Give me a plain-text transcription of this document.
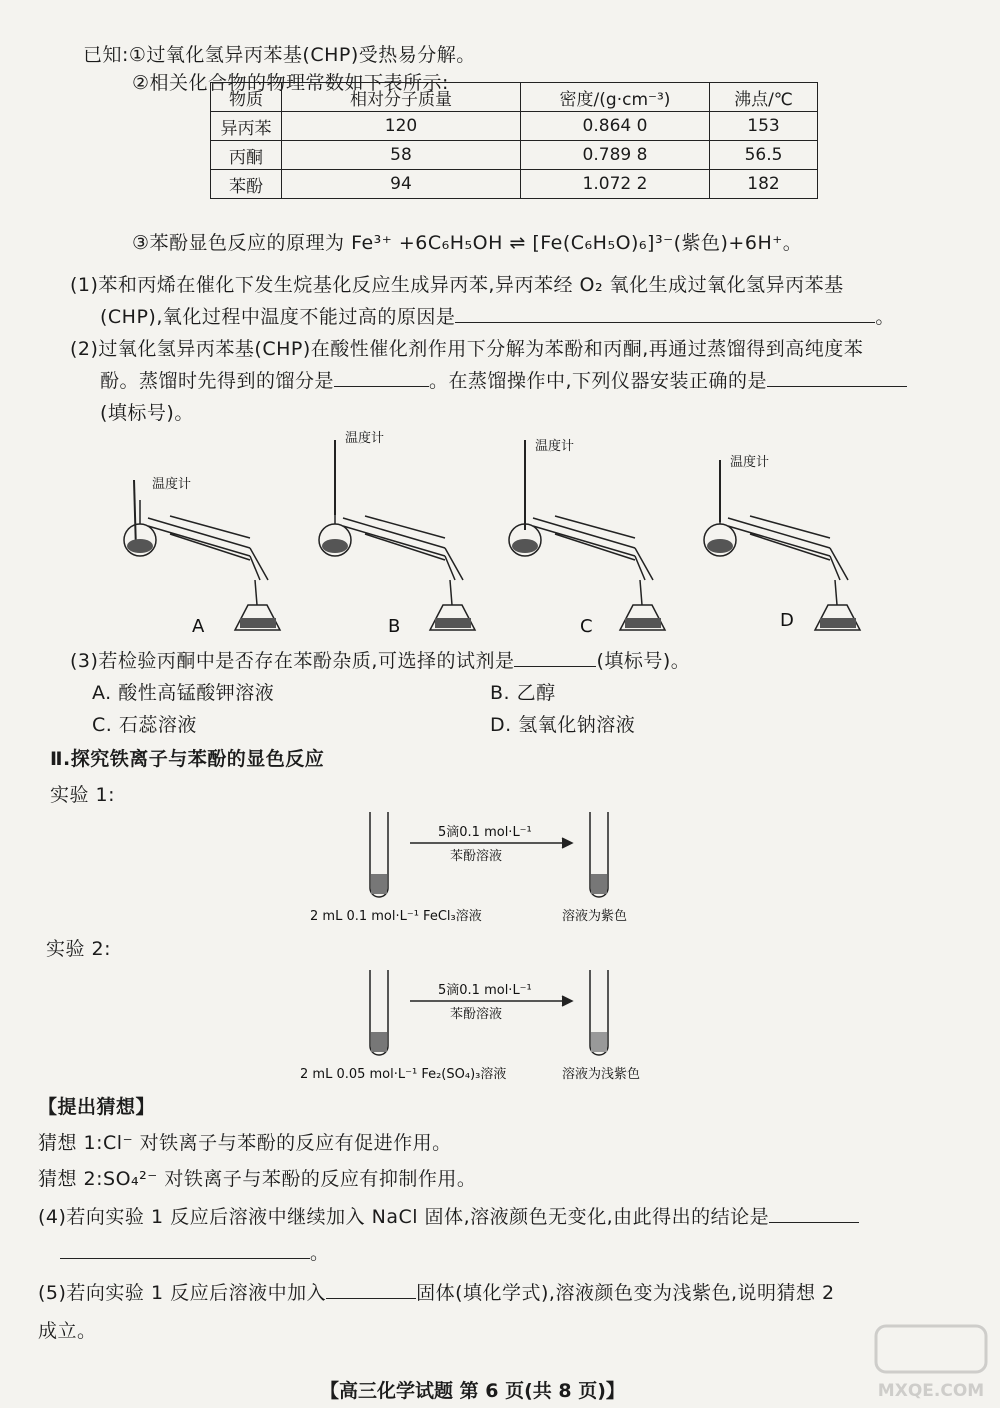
已知:①过氧化氢异丙苯基(CHP)受热易分解。
②相关化合物的物理常数如下表所示:
物质	相对分子质量	密度/(g·cm⁻³)	沸点/℃
异丙苯	120	0.864 0	153
丙酮	58	0.789 8	56.5
苯酚	94	1.072 2	182
③苯酚显色反应的原理为 Fe³⁺ +6C₆H₅OH ⇌ [Fe(C₆H₅O)₆]³⁻(紫色)+6H⁺。
(1)苯和丙烯在催化下发生烷基化反应生成异丙苯,异丙苯经 O₂ 氧化生成过氧化氢异丙苯基
(CHP),氧化过程中温度不能过高的原因是	。
(2)过氧化氢异丙苯基(CHP)在酸性催化剂作用下分解为苯酚和丙酮,再通过蒸馏得到高纯度苯
酚。蒸馏时先得到的馏分是	。在蒸馏操作中,下列仪器安装正确的是
(填标号)。
温度计
温度计
温度计
温度计
A	B	C	D
(3)若检验丙酮中是否存在苯酚杂质,可选择的试剂是	(填标号)。
A. 酸性高锰酸钾溶液	B. 乙醇
C. 石蕊溶液	D. 氢氧化钠溶液
Ⅱ.探究铁离子与苯酚的显色反应
实验 1:
5滴0.1 mol·L⁻¹
苯酚溶液
2 mL 0.1 mol·L⁻¹ FeCl₃溶液	溶液为紫色
实验 2:
5滴0.1 mol·L⁻¹
苯酚溶液
2 mL 0.05 mol·L⁻¹ Fe₂(SO₄)₃溶液	溶液为浅紫色
【提出猜想】
猜想 1:Cl⁻ 对铁离子与苯酚的反应有促进作用。
猜想 2:SO₄²⁻ 对铁离子与苯酚的反应有抑制作用。
(4)若向实验 1 反应后溶液中继续加入 NaCl 固体,溶液颜色无变化,由此得出的结论是
。
(5)若向实验 1 反应后溶液中加入	固体(填化学式),溶液颜色变为浅紫色,说明猜想 2
成立。
【高三化学试题 第 6 页(共 8 页)】	MXQE.COM
